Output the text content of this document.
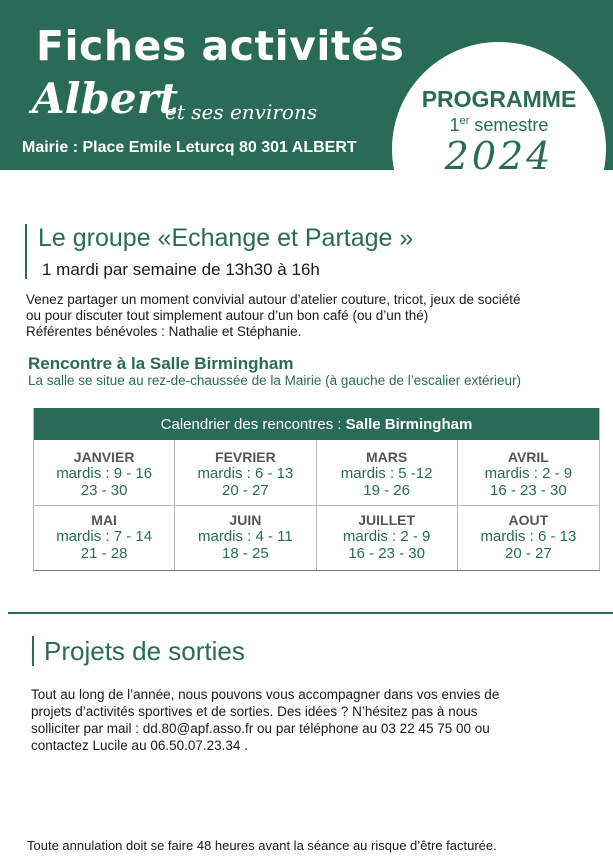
Fiches activités
Albert
et ses environs
Mairie : Place Emile Leturcq 80 301 ALBERT
PROGRAMME
1er semestre
2024
Le groupe «Echange et Partage »
1 mardi par semaine de 13h30 à 16h

Venez partager un moment convivial autour d’atelier couture, tricot, jeux de société
ou pour discuter tout simplement autour d’un bon café (ou d’un thé)
Référentes bénévoles : Nathalie et Stéphanie.

Rencontre à la Salle Birmingham
La salle se situe au rez-de-chaussée de la Mairie (à gauche de l’escalier extérieur)
Calendrier des rencontres : Salle Birmingham
JANVIER
mardis : 9 - 16
23 - 30
FEVRIER
mardis : 6 - 13
20 - 27
MARS
mardis : 5 -12
19 - 26
AVRIL
mardis : 2 - 9
16 - 23 - 30
MAI
mardis : 7 - 14
21 - 28
JUIN
mardis : 4 - 11
18 - 25
JUILLET
mardis : 2 - 9
16 - 23 - 30
AOUT
mardis : 6 - 13
20 - 27
Projets de sorties
Tout au long de l’année, nous pouvons vous accompagner dans vos envies de
projets d’activités sportives et de sorties. Des idées ? N’hésitez pas à nous
solliciter par mail : dd.80@apf.asso.fr ou par téléphone au 03 22 45 75 00 ou
contactez Lucile au 06.50.07.23.34 .
Toute annulation doit se faire 48 heures avant la séance au risque d’être facturée.
